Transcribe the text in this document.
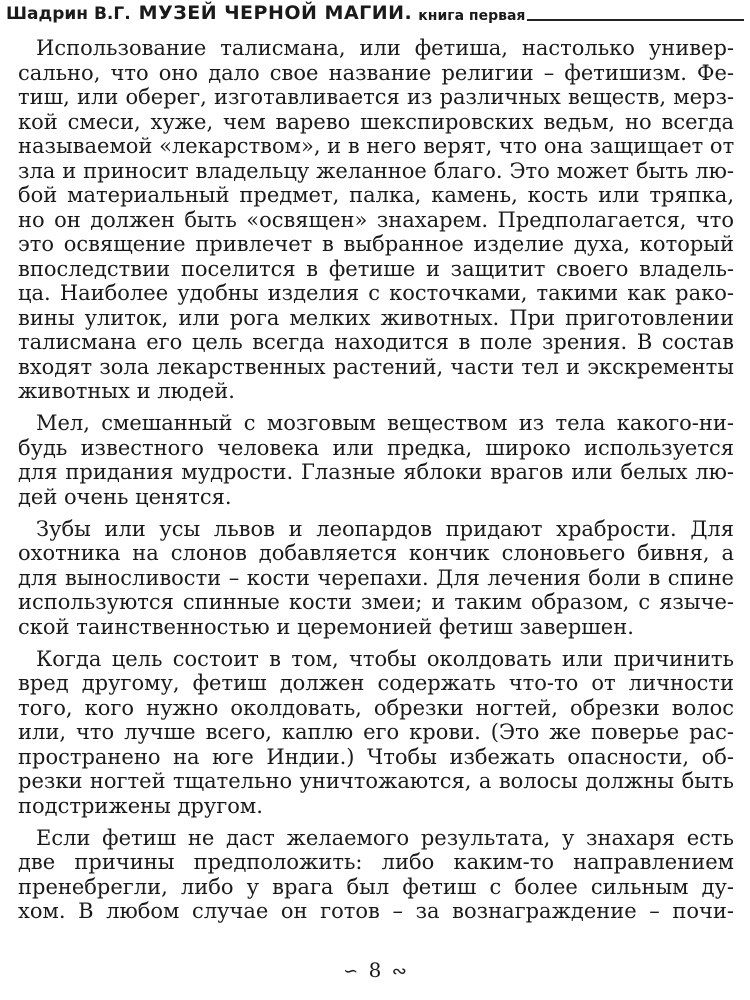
Шадрин В.Г. МУЗЕЙ ЧЕРНОЙ МАГИИ. книга первая
Использование талисмана, или фетиша, настолько универ-
сально, что оно дало свое название религии – фетишизм. Фе-
тиш, или оберег, изготавливается из различных веществ, мерз-
кой смеси, хуже, чем варево шекспировских ведьм, но всегда
называемой «лекарством», и в него верят, что она защищает от
зла и приносит владельцу желанное благо. Это может быть лю-
бой материальный предмет, палка, камень, кость или тряпка,
но он должен быть «освящен» знахарем. Предполагается, что
это освящение привлечет в выбранное изделие духа, который
впоследствии поселится в фетише и защитит своего владель-
ца. Наиболее удобны изделия с косточками, такими как рако-
вины улиток, или рога мелких животных. При приготовлении
талисмана его цель всегда находится в поле зрения. В состав
входят зола лекарственных растений, части тел и экскременты
животных и людей.
Мел, смешанный с мозговым веществом из тела какого-ни-
будь известного человека или предка, широко используется
для придания мудрости. Глазные яблоки врагов или белых лю-
дей очень ценятся.
Зубы или усы львов и леопардов придают храбрости. Для
охотника на слонов добавляется кончик слоновьего бивня, а
для выносливости – кости черепахи. Для лечения боли в спине
используются спинные кости змеи; и таким образом, с языче-
ской таинственностью и церемонией фетиш завершен.
Когда цель состоит в том, чтобы околдовать или причинить
вред другому, фетиш должен содержать что-то от личности
того, кого нужно околдовать, обрезки ногтей, обрезки волос
или, что лучше всего, каплю его крови. (Это же поверье рас-
пространено на юге Индии.) Чтобы избежать опасности, об-
резки ногтей тщательно уничтожаются, а волосы должны быть
подстрижены другом.
Если фетиш не даст желаемого результата, у знахаря есть
две причины предположить: либо каким-то направлением
пренебрегли, либо у врага был фетиш с более сильным ду-
хом. В любом случае он готов – за вознаграждение – почи-
∽ 8 ∾
